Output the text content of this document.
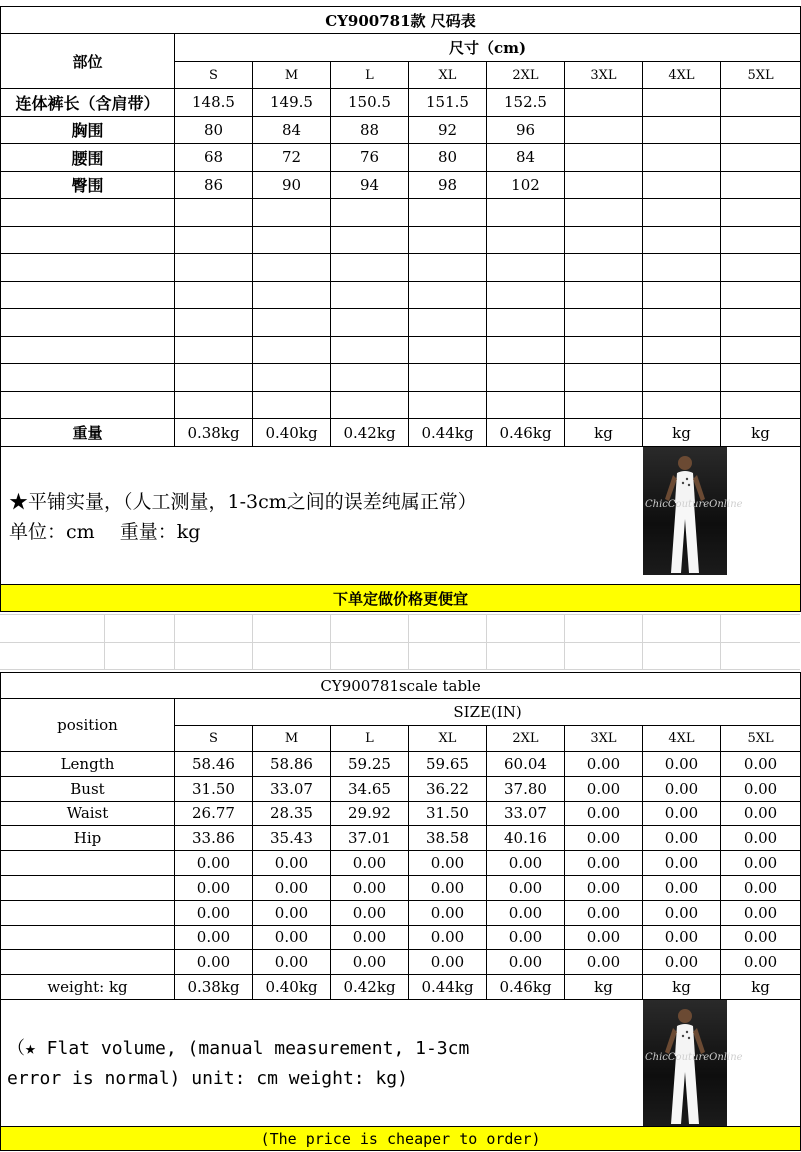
CY900781款 尺码表								
部位	尺寸（cm)							
	S	M	L	XL	2XL	3XL	4XL	5XL
连体裤长（含肩带）	148.5	149.5	150.5	151.5	152.5			
胸围	80	84	88	92	96			
腰围	68	72	76	80	84			
臀围	86	90	94	98	102			

重量	0.38kg	0.40kg	0.42kg	0.44kg	0.46kg	kg	kg	kg

★平铺实量，（人工测量，1-3cm之间的误差纯属正常）
单位：cm　 重量：kg
ChicCoutureOnline								

下单定做价格更便宜								
CY900781scale table								
position	SIZE(IN)							
	S	M	L	XL	2XL	3XL	4XL	5XL
Length	58.46	58.86	59.25	59.65	60.04	0.00	0.00	0.00
Bust	31.50	33.07	34.65	36.22	37.80	0.00	0.00	0.00
Waist	26.77	28.35	29.92	31.50	33.07	0.00	0.00	0.00
Hip	33.86	35.43	37.01	38.58	40.16	0.00	0.00	0.00
	0.00	0.00	0.00	0.00	0.00	0.00	0.00	0.00
	0.00	0.00	0.00	0.00	0.00	0.00	0.00	0.00
	0.00	0.00	0.00	0.00	0.00	0.00	0.00	0.00
	0.00	0.00	0.00	0.00	0.00	0.00	0.00	0.00
	0.00	0.00	0.00	0.00	0.00	0.00	0.00	0.00
weight: kg	0.38kg	0.40kg	0.42kg	0.44kg	0.46kg	kg	kg	kg

（★ Flat volume, (manual measurement, 1-3cm
error is normal) unit: cm weight: kg)
ChicCoutureOnline								

(The price is cheaper to order)								
